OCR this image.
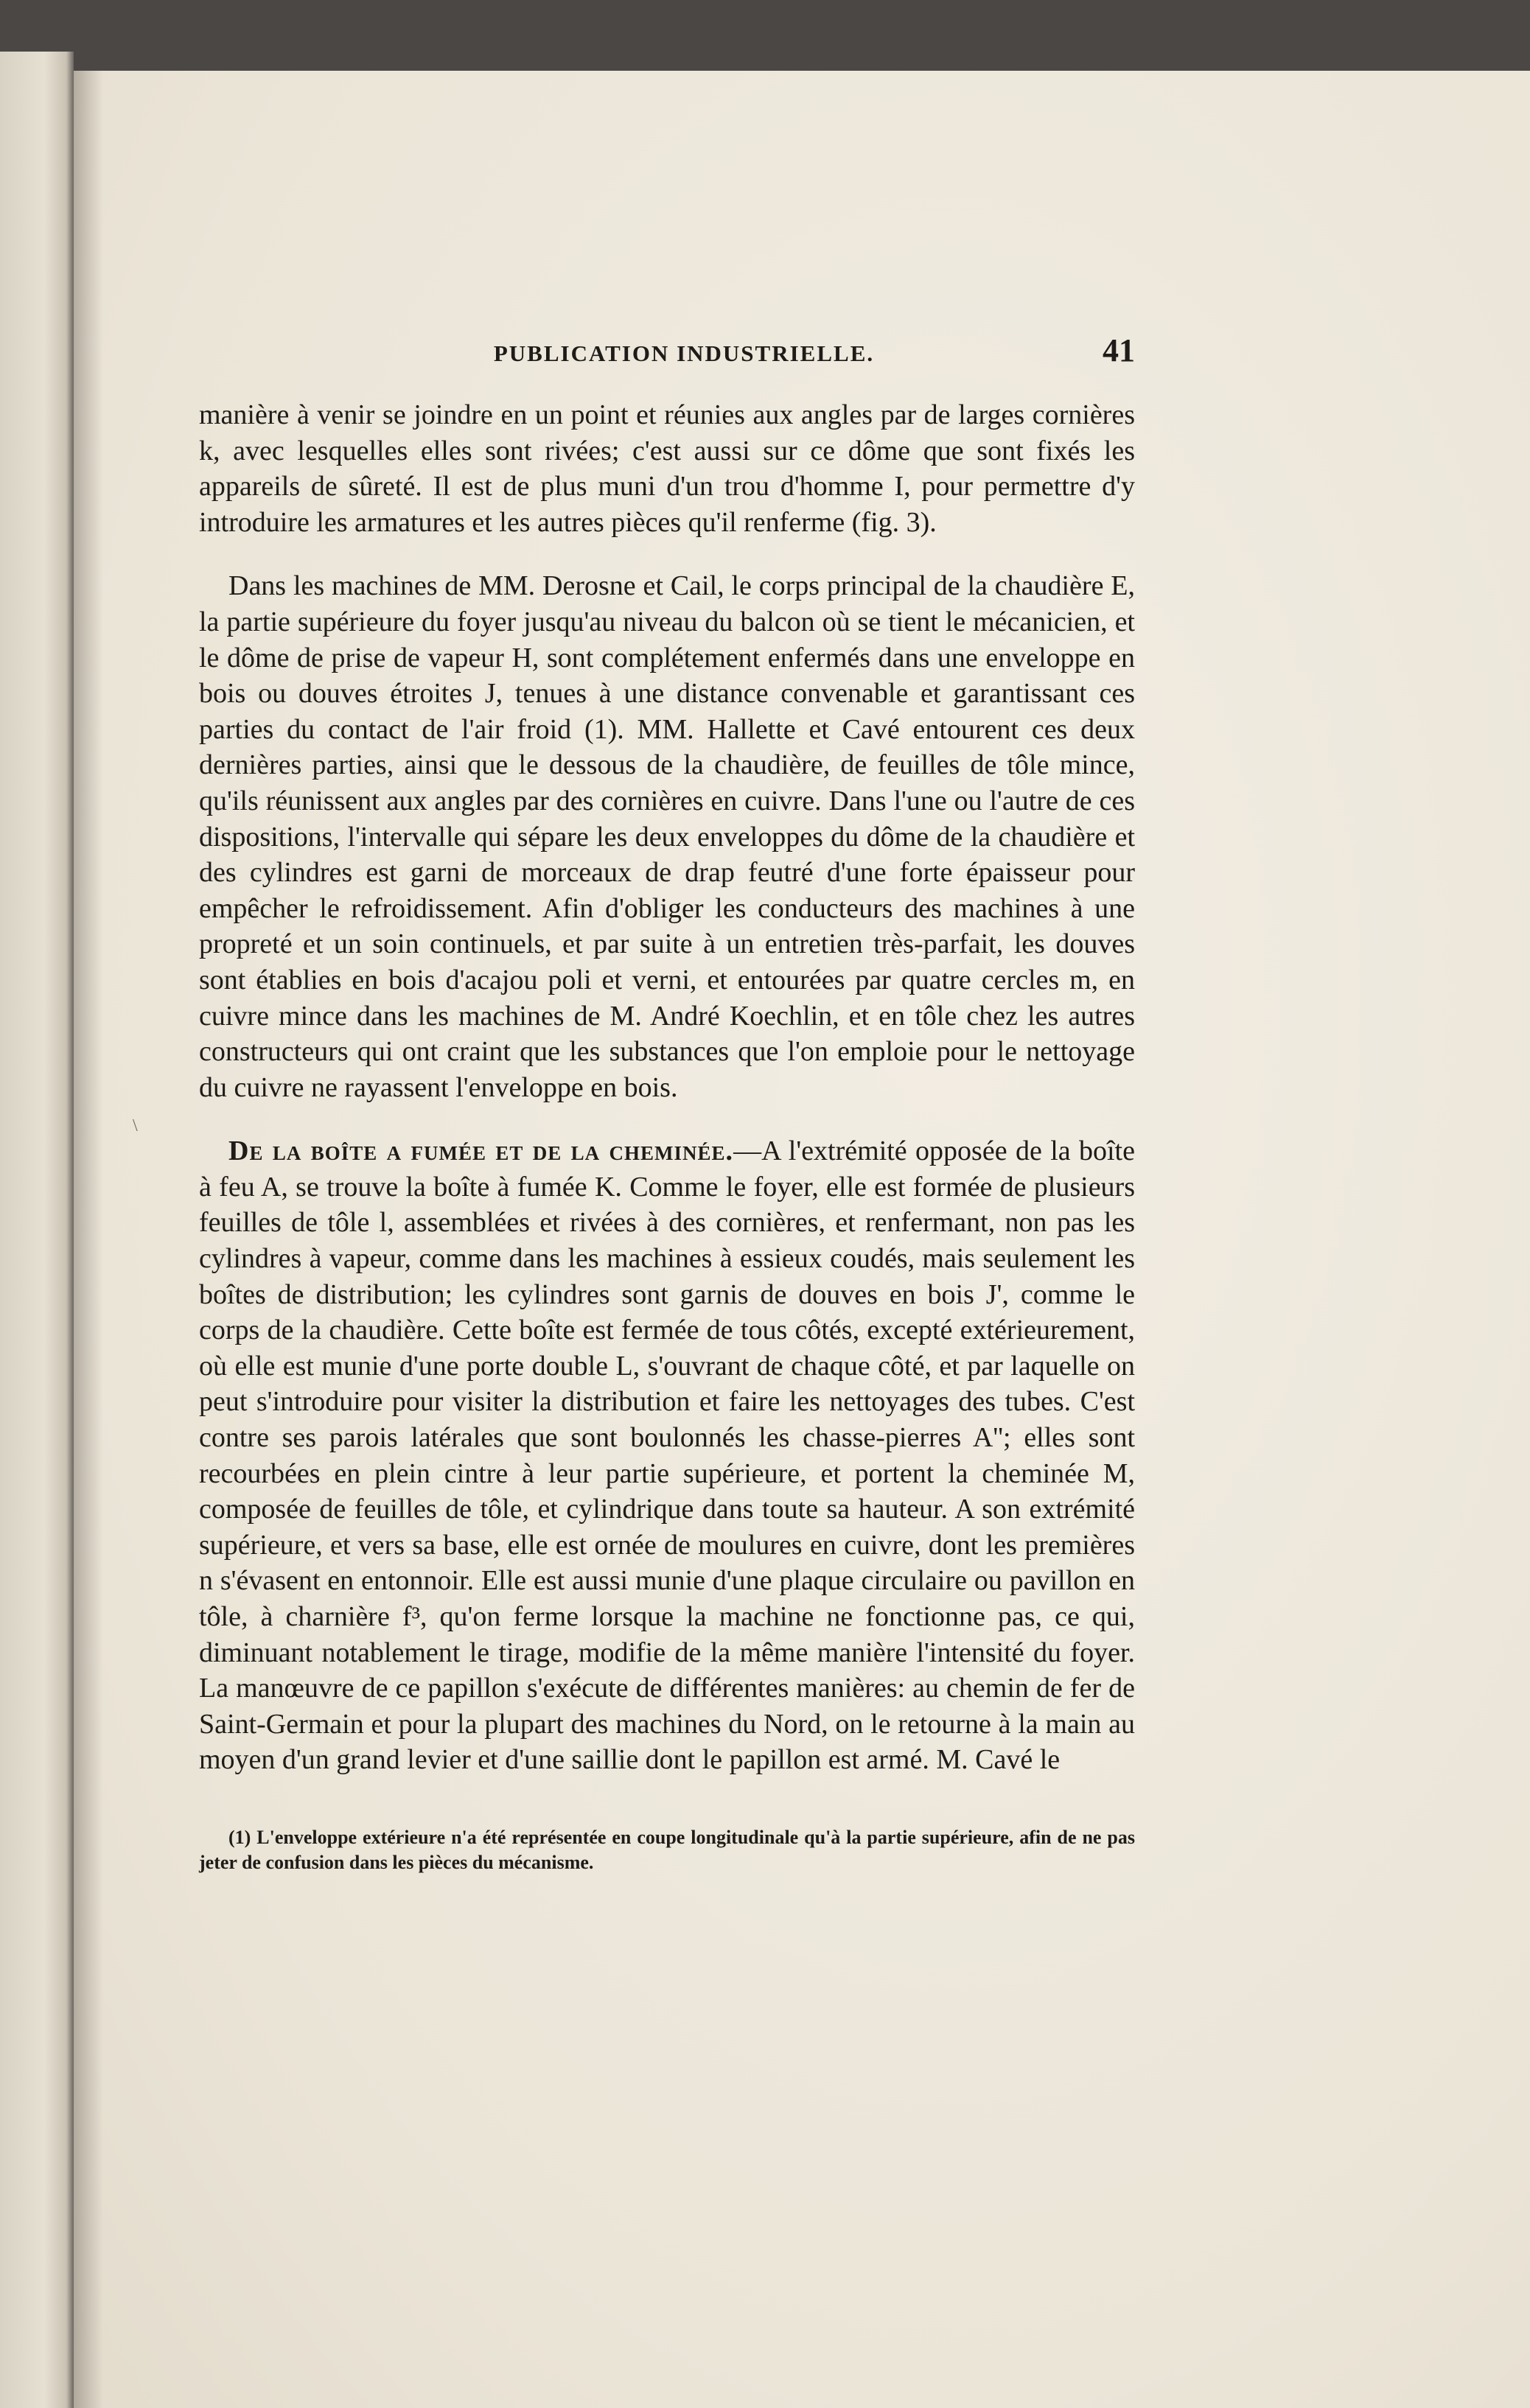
\
PUBLICATION INDUSTRIELLE.	41

manière à venir se joindre en un point et réunies aux angles par de larges cornières k, avec lesquelles elles sont rivées; c'est aussi sur ce dôme que sont fixés les appareils de sûreté. Il est de plus muni d'un trou d'homme I, pour permettre d'y introduire les armatures et les autres pièces qu'il renferme (fig. 3).

Dans les machines de MM. Derosne et Cail, le corps principal de la chaudière E, la partie supérieure du foyer jusqu'au niveau du balcon où se tient le mécanicien, et le dôme de prise de vapeur H, sont complétement enfermés dans une enveloppe en bois ou douves étroites J, tenues à une distance convenable et garantissant ces parties du contact de l'air froid (1). MM. Hallette et Cavé entourent ces deux dernières parties, ainsi que le dessous de la chaudière, de feuilles de tôle mince, qu'ils réunissent aux angles par des cornières en cuivre. Dans l'une ou l'autre de ces dispositions, l'intervalle qui sépare les deux enveloppes du dôme de la chaudière et des cylindres est garni de morceaux de drap feutré d'une forte épaisseur pour empêcher le refroidissement. Afin d'obliger les conducteurs des machines à une propreté et un soin continuels, et par suite à un entretien très-parfait, les douves sont établies en bois d'acajou poli et verni, et entourées par quatre cercles m, en cuivre mince dans les machines de M. André Koechlin, et en tôle chez les autres constructeurs qui ont craint que les substances que l'on emploie pour le nettoyage du cuivre ne rayassent l'enveloppe en bois.

De la boîte a fumée et de la cheminée.—A l'extrémité opposée de la boîte à feu A, se trouve la boîte à fumée K. Comme le foyer, elle est formée de plusieurs feuilles de tôle l, assemblées et rivées à des cornières, et renfermant, non pas les cylindres à vapeur, comme dans les machines à essieux coudés, mais seulement les boîtes de distribution; les cylindres sont garnis de douves en bois J', comme le corps de la chaudière. Cette boîte est fermée de tous côtés, excepté extérieurement, où elle est munie d'une porte double L, s'ouvrant de chaque côté, et par laquelle on peut s'introduire pour visiter la distribution et faire les nettoyages des tubes. C'est contre ses parois latérales que sont boulonnés les chasse-pierres A''; elles sont recourbées en plein cintre à leur partie supérieure, et portent la cheminée M, composée de feuilles de tôle, et cylindrique dans toute sa hauteur. A son extrémité supérieure, et vers sa base, elle est ornée de moulures en cuivre, dont les premières n s'évasent en entonnoir. Elle est aussi munie d'une plaque circulaire ou pavillon en tôle, à charnière f³, qu'on ferme lorsque la machine ne fonctionne pas, ce qui, diminuant notablement le tirage, modifie de la même manière l'intensité du foyer. La manœuvre de ce papillon s'exécute de différentes manières: au chemin de fer de Saint-Germain et pour la plupart des machines du Nord, on le retourne à la main au moyen d'un grand levier et d'une saillie dont le papillon est armé. M. Cavé le

(1) L'enveloppe extérieure n'a été représentée en coupe longitudinale qu'à la partie supérieure, afin de ne pas jeter de confusion dans les pièces du mécanisme.
